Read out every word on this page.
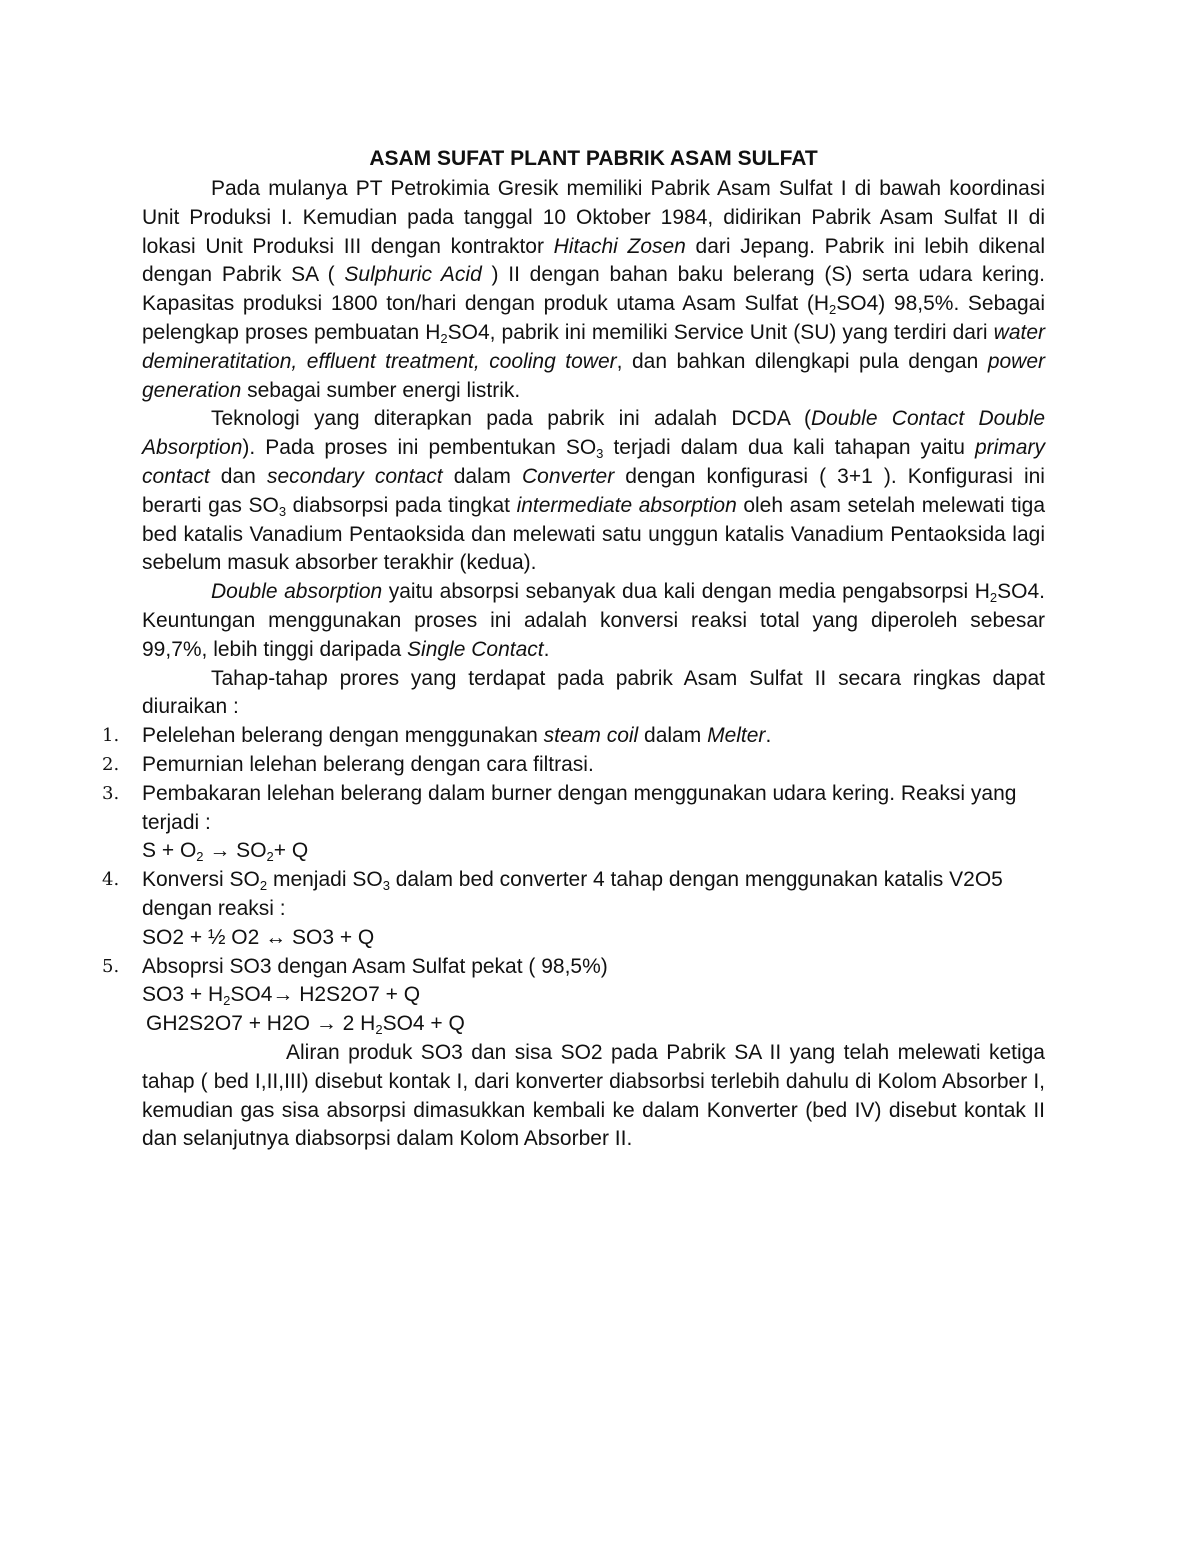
ASAM SUFAT PLANT PABRIK ASAM SULFAT

Pada mulanya PT Petrokimia Gresik memiliki Pabrik Asam Sulfat I di bawah koordinasi Unit Produksi I. Kemudian pada tanggal 10 Oktober 1984, didirikan Pabrik Asam Sulfat II di lokasi Unit Produksi III dengan kontraktor Hitachi Zosen dari Jepang. Pabrik ini lebih dikenal dengan Pabrik SA ( Sulphuric Acid ) II dengan bahan baku belerang (S) serta udara kering. Kapasitas produksi 1800 ton/hari dengan produk utama Asam Sulfat $(H_2SO4)$ 98,5%. Sebagai pelengkap proses pembuatan $H_2SO4$, pabrik ini memiliki Service Unit (SU) yang terdiri dari water demineratitation, effluent treatment, cooling tower, dan bahkan dilengkapi pula dengan power generation sebagai sumber energi listrik.

Teknologi yang diterapkan pada pabrik ini adalah DCDA (Double Contact Double Absorption). Pada proses ini pembentukan $SO_3$ terjadi dalam dua kali tahapan yaitu primary contact dan secondary contact dalam Converter dengan konfigurasi ( 3+1 ). Konfigurasi ini berarti gas $SO_3$ diabsorpsi pada tingkat intermediate absorption oleh asam setelah melewati tiga bed katalis Vanadium Pentaoksida dan melewati satu unggun katalis Vanadium Pentaoksida lagi sebelum masuk absorber terakhir (kedua).

Double absorption yaitu absorpsi sebanyak dua kali dengan media pengabsorpsi $H_2SO4$. Keuntungan menggunakan proses ini adalah konversi reaksi total yang diperoleh sebesar 99,7%, lebih tinggi daripada Single Contact.

Tahap-tahap prores yang terdapat pada pabrik Asam Sulfat II secara ringkas dapat diuraikan :

1. Pelelehan belerang dengan menggunakan steam coil dalam Melter.
2. Pemurnian lelehan belerang dengan cara filtrasi.
3. Pembakaran lelehan belerang dalam burner dengan menggunakan udara kering. Reaksi yang terjadi :
$S + O_2 \to SO_2+ Q$
4. Konversi $SO_2$ menjadi $SO_3$ dalam bed converter 4 tahap dengan menggunakan katalis V2O5 dengan reaksi :
SO2 + ½ O2 ↔ SO3 + Q
5. Absoprsi SO3 dengan Asam Sulfat pekat ( 98,5%)
$SO3 + H_2SO4\to H2S2O7 + Q$
GH2S2O7 + H2O → 2 $H_2SO4 + Q$

Aliran produk SO3 dan sisa SO2 pada Pabrik SA II yang telah melewati ketiga tahap ( bed I,II,III) disebut kontak I, dari konverter diabsorbsi terlebih dahulu di Kolom Absorber I, kemudian gas sisa absorpsi dimasukkan kembali ke dalam Konverter (bed IV) disebut kontak II dan selanjutnya diabsorpsi dalam Kolom Absorber II.
